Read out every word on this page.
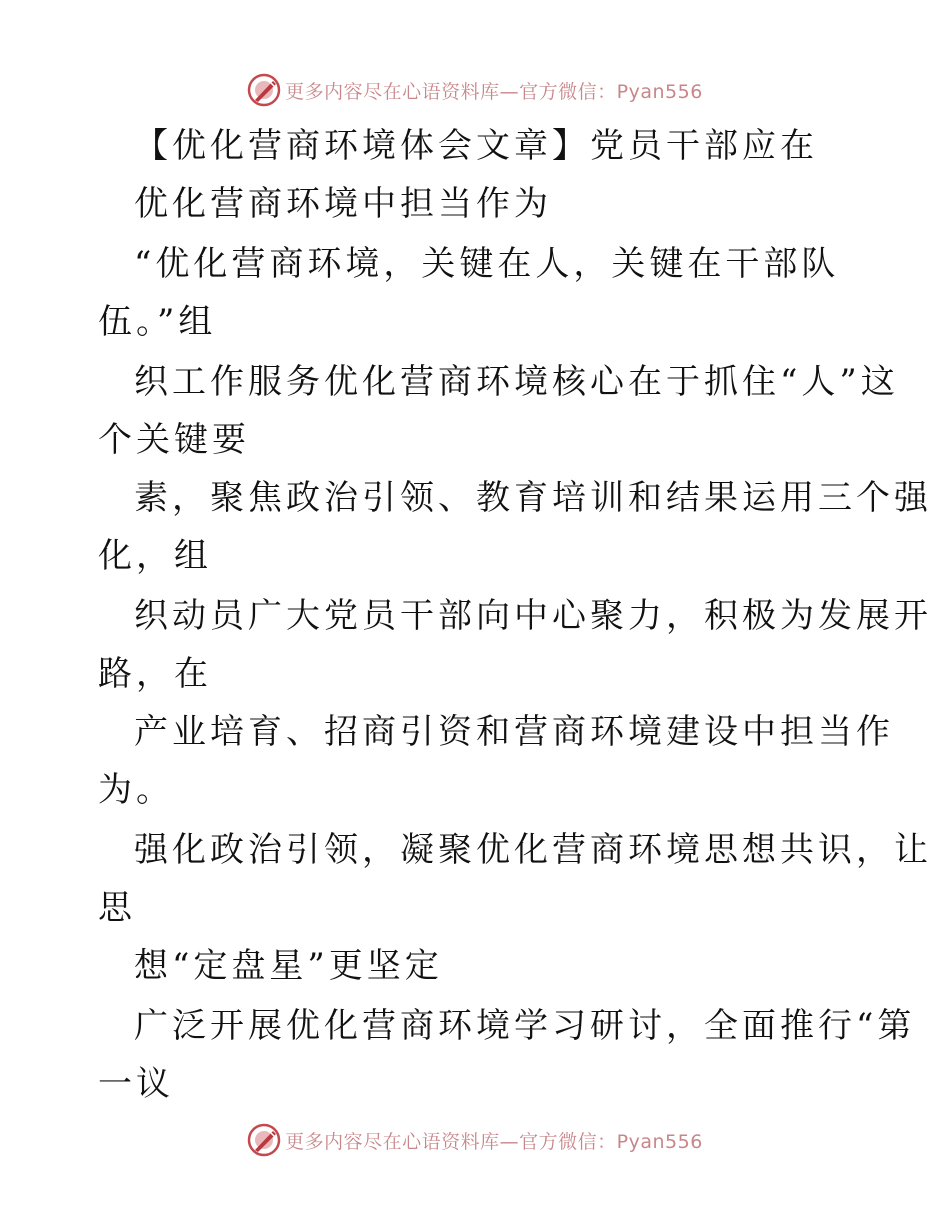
更多内容尽在心语资料库—官方微信：Pyan556
【优化营商环境体会文章】党员干部应在
优化营商环境中担当作为
“优化营商环境，关键在人，关键在干部队
伍。”组
织工作服务优化营商环境核心在于抓住“人”这
个关键要
素，聚焦政治引领、教育培训和结果运用三个强
化，组
织动员广大党员干部向中心聚力，积极为发展开
路，在
产业培育、招商引资和营商环境建设中担当作
为。
强化政治引领，凝聚优化营商环境思想共识，让
思
想“定盘星”更坚定
广泛开展优化营商环境学习研讨，全面推行“第
一议
更多内容尽在心语资料库—官方微信：Pyan556
